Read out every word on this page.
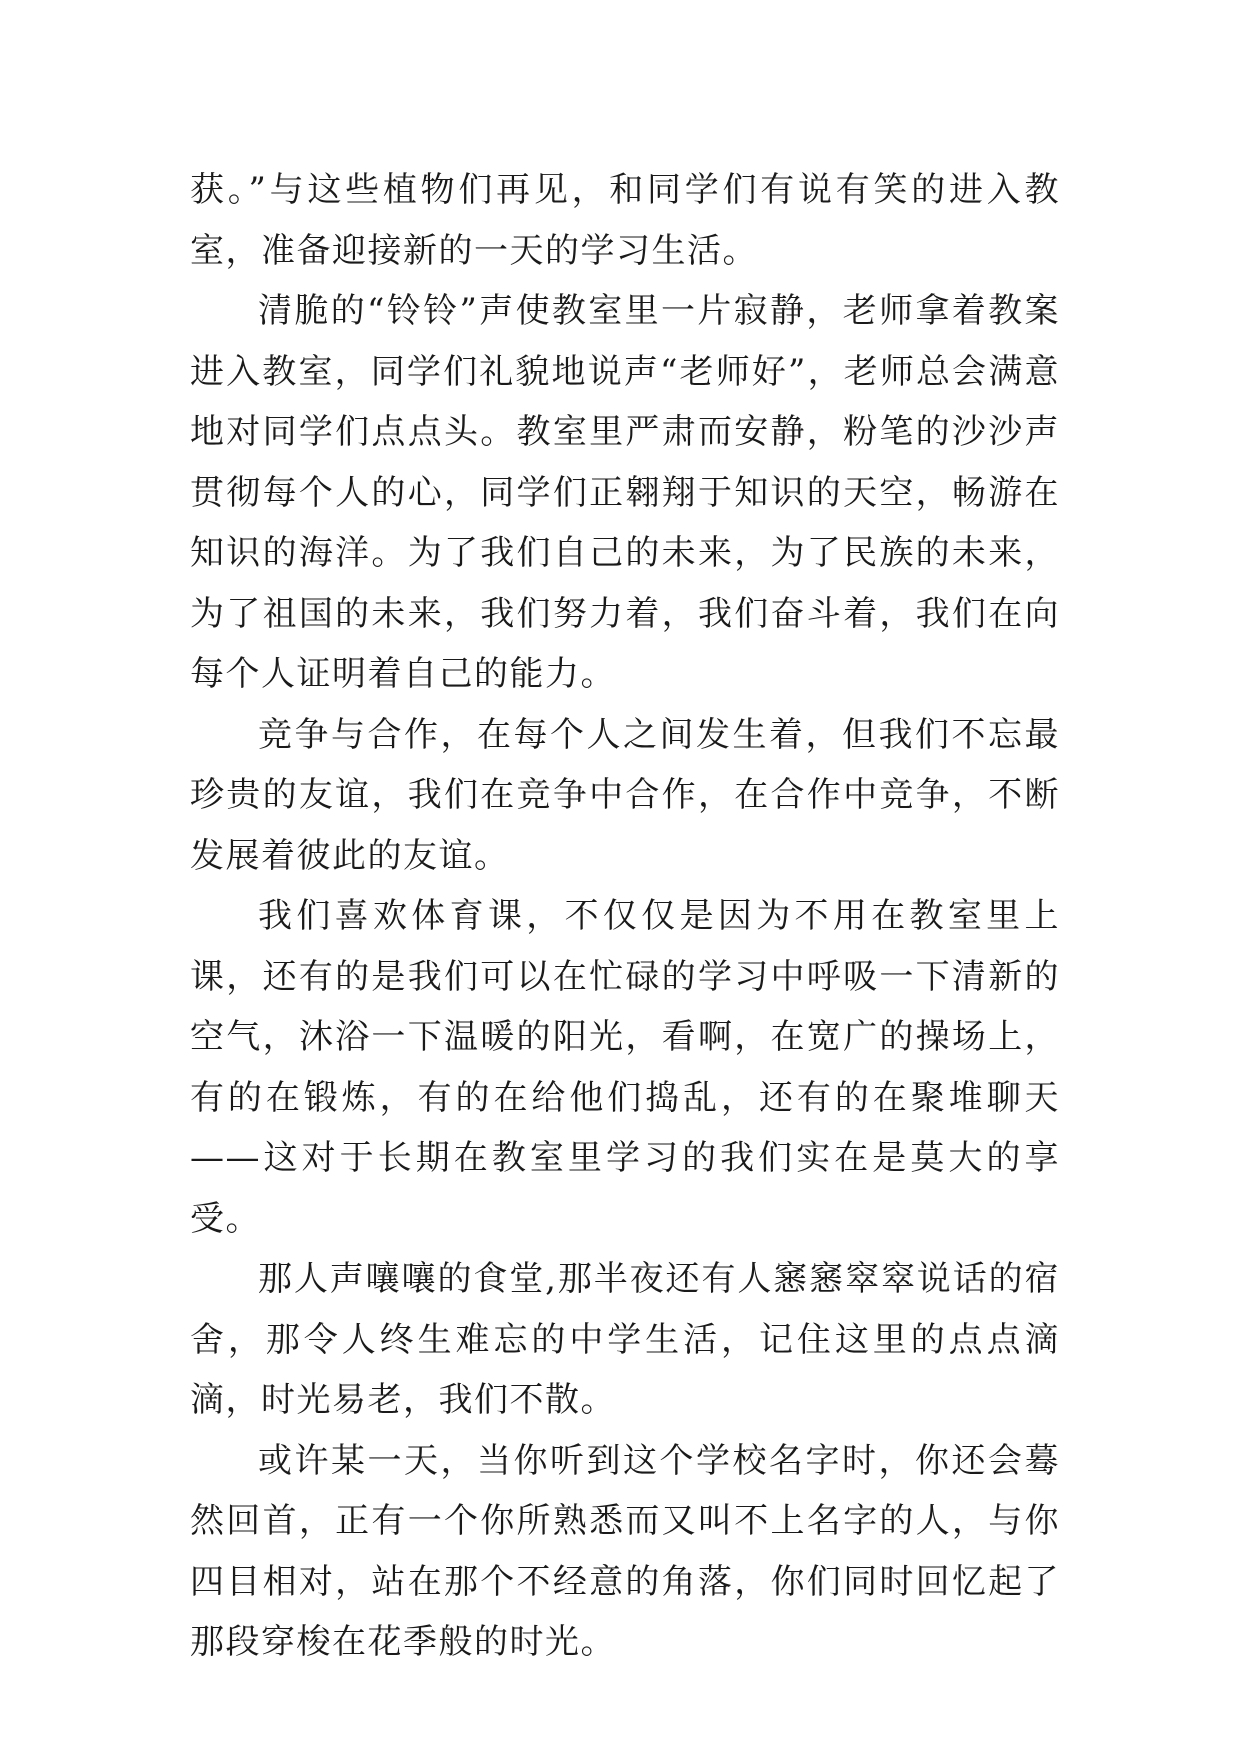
获。”与这些植物们再见，和同学们有说有笑的进入教室，准备迎接新的一天的学习生活。

清脆的“铃铃”声使教室里一片寂静，老师拿着教案进入教室，同学们礼貌地说声“老师好”，老师总会满意地对同学们点点头。教室里严肃而安静，粉笔的沙沙声贯彻每个人的心，同学们正翱翔于知识的天空，畅游在知识的海洋。为了我们自己的未来，为了民族的未来，为了祖国的未来，我们努力着，我们奋斗着，我们在向每个人证明着自己的能力。

竞争与合作，在每个人之间发生着，但我们不忘最珍贵的友谊，我们在竞争中合作，在合作中竞争，不断发展着彼此的友谊。

我们喜欢体育课，不仅仅是因为不用在教室里上课，还有的是我们可以在忙碌的学习中呼吸一下清新的空气，沐浴一下温暖的阳光，看啊，在宽广的操场上，有的在锻炼，有的在给他们捣乱，还有的在聚堆聊天——这对于长期在教室里学习的我们实在是莫大的享受。

那人声嚷嚷的食堂,那半夜还有人窸窸窣窣说话的宿舍，那令人终生难忘的中学生活，记住这里的点点滴滴，时光易老，我们不散。

或许某一天，当你听到这个学校名字时，你还会蓦然回首，正有一个你所熟悉而又叫不上名字的人，与你四目相对，站在那个不经意的角落，你们同时回忆起了那段穿梭在花季般的时光。
